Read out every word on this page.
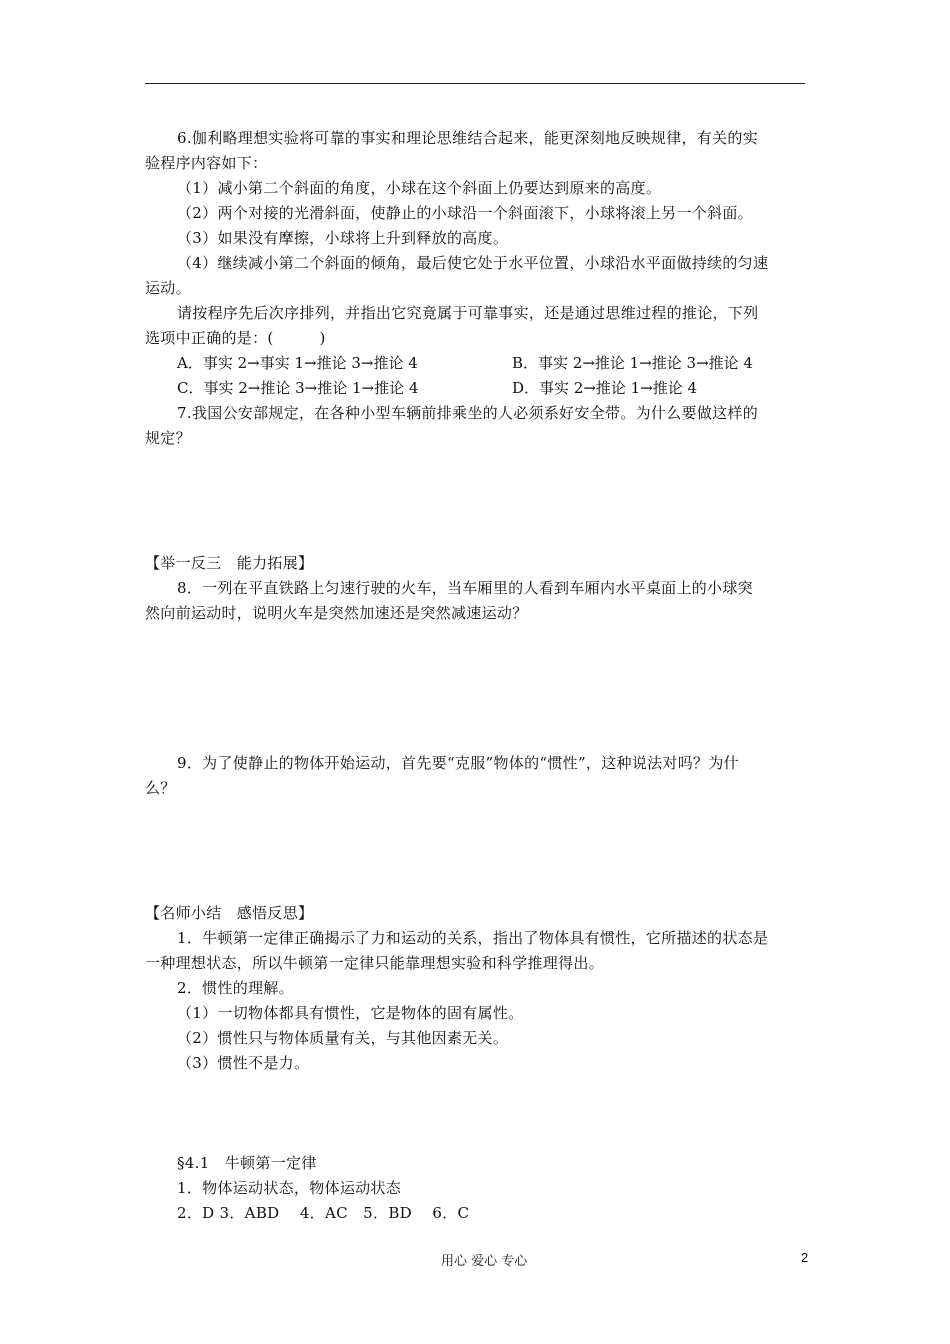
6.伽利略理想实验将可靠的事实和理论思维结合起来，能更深刻地反映规律，有关的实
验程序内容如下：
（1）减小第二个斜面的角度，小球在这个斜面上仍要达到原来的高度。
（2）两个对接的光滑斜面，使静止的小球沿一个斜面滚下，小球将滚上另一个斜面。
（3）如果没有摩擦，小球将上升到释放的高度。
（4）继续减小第二个斜面的倾角，最后使它处于水平位置，小球沿水平面做持续的匀速
运动。
请按程序先后次序排列，并指出它究竟属于可靠事实，还是通过思维过程的推论，下列
选项中正确的是：(　　　)
A．事实 2→事实 1→推论 3→推论 4	B．事实 2→推论 1→推论 3→推论 4
C．事实 2→推论 3→推论 1→推论 4	D．事实 2→推论 1→推论 4
7.我国公安部规定，在各种小型车辆前排乘坐的人必须系好安全带。为什么要做这样的
规定？
【举一反三　能力拓展】
8．一列在平直铁路上匀速行驶的火车，当车厢里的人看到车厢内水平桌面上的小球突
然向前运动时，说明火车是突然加速还是突然减速运动？
9．为了使静止的物体开始运动，首先要“克服”物体的“惯性”，这种说法对吗？为什
么？
【名师小结　感悟反思】
1．牛顿第一定律正确揭示了力和运动的关系，指出了物体具有惯性，它所描述的状态是
一种理想状态，所以牛顿第一定律只能靠理想实验和科学推理得出。
2．惯性的理解。
（1）一切物体都具有惯性，它是物体的固有属性。
（2）惯性只与物体质量有关，与其他因素无关。
（3）惯性不是力。
§4.1　牛顿第一定律
1．物体运动状态，物体运动状态
2．D 3．ABD　 4．AC　5．BD　 6．C
用心 爱心 专心	2
